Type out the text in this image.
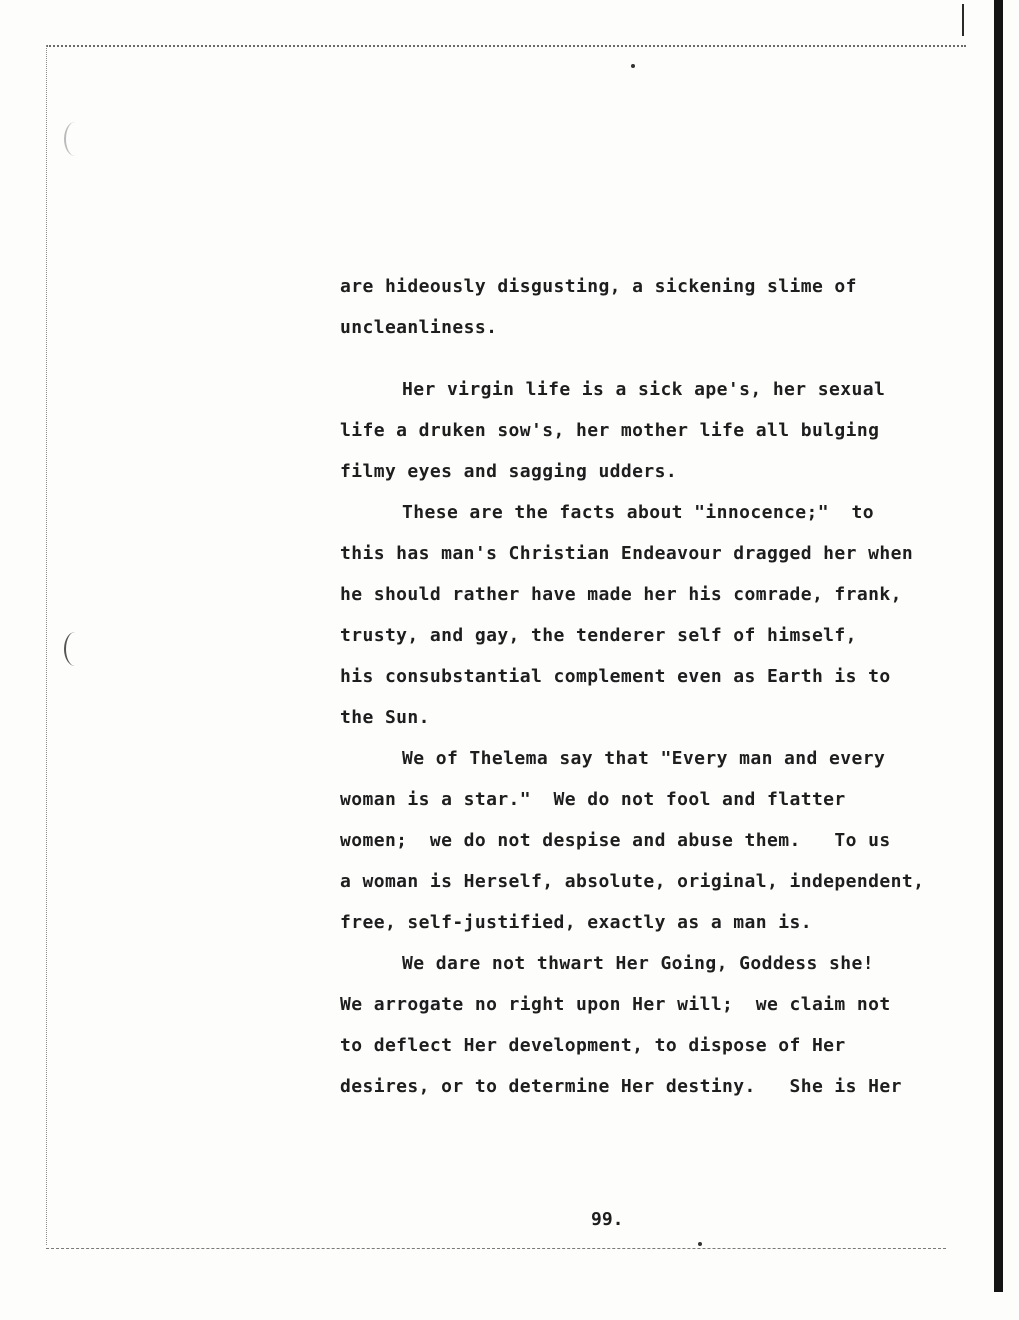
are hideously disgusting, a sickening slime of
uncleanliness.
Her virgin life is a sick ape's, her sexual
life a druken sow's, her mother life all bulging
filmy eyes and sagging udders.
These are the facts about "innocence;"  to
this has man's Christian Endeavour dragged her when
he should rather have made her his comrade, frank,
trusty, and gay, the tenderer self of himself,
his consubstantial complement even as Earth is to
the Sun.
We of Thelema say that "Every man and every
woman is a star."  We do not fool and flatter
women;  we do not despise and abuse them.   To us
a woman is Herself, absolute, original, independent,
free, self-justified, exactly as a man is.
We dare not thwart Her Going, Goddess she!
We arrogate no right upon Her will;  we claim not
to deflect Her development, to dispose of Her
desires, or to determine Her destiny.   She is Her
99.
